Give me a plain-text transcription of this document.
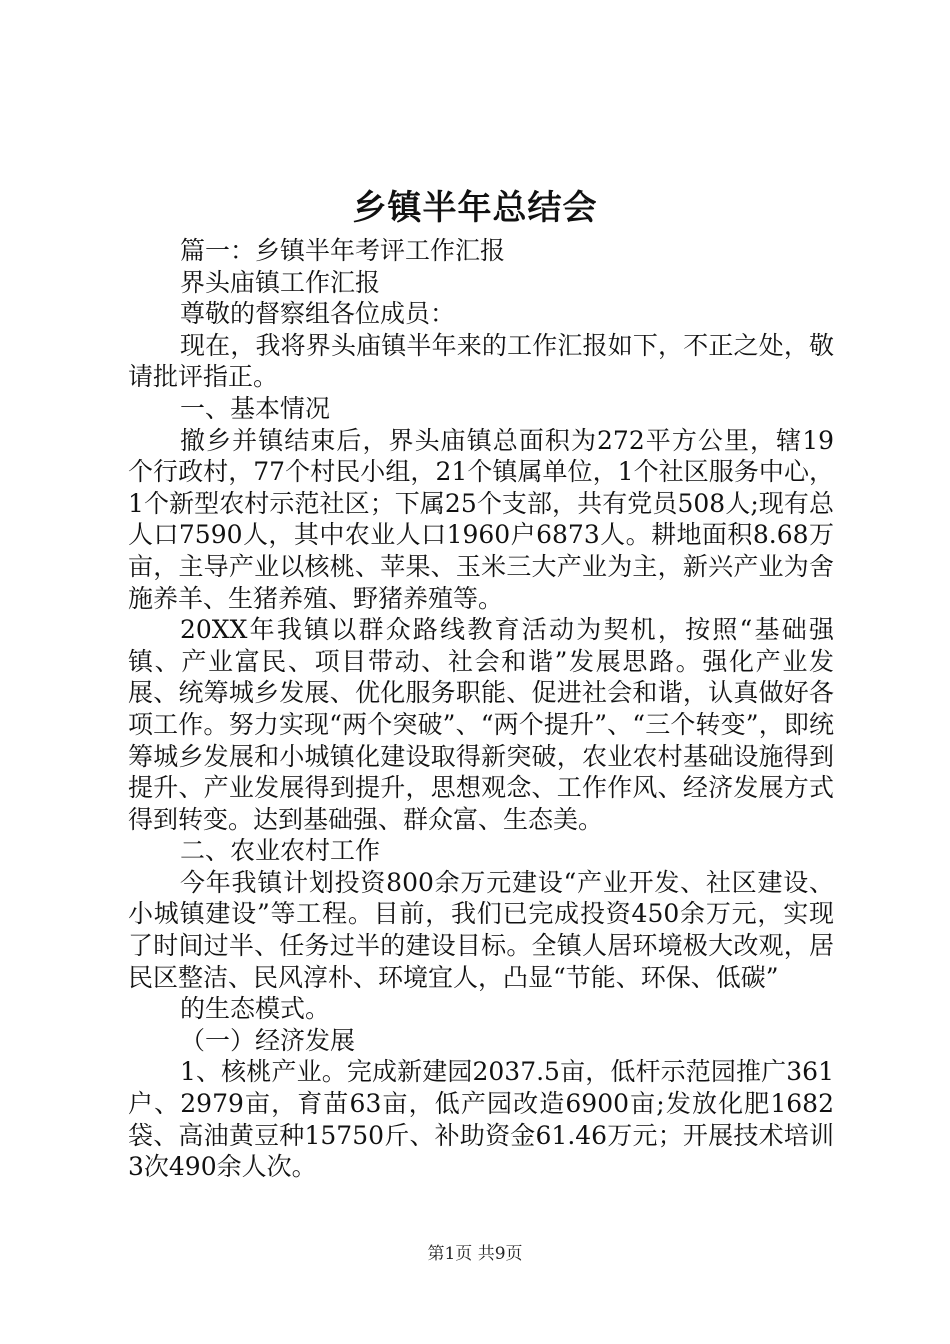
乡镇半年总结会

篇一：乡镇半年考评工作汇报

界头庙镇工作汇报

尊敬的督察组各位成员：

现在，我将界头庙镇半年来的工作汇报如下，不正之处，敬请批评指正。

一、基本情况

撤乡并镇结束后，界头庙镇总面积为272平方公里，辖19个行政村，77个村民小组，21个镇属单位，1个社区服务中心，1个新型农村示范社区；下属25个支部，共有党员508人;现有总人口7590人，其中农业人口1960户6873人。耕地面积8.68万亩，主导产业以核桃、苹果、玉米三大产业为主，新兴产业为舍施养羊、生猪养殖、野猪养殖等。

20XX年我镇以群众路线教育活动为契机，按照“基础强镇、产业富民、项目带动、社会和谐”发展思路。强化产业发展、统筹城乡发展、优化服务职能、促进社会和谐，认真做好各项工作。努力实现“两个突破”、“两个提升”、“三个转变”，即统筹城乡发展和小城镇化建设取得新突破，农业农村基础设施得到提升、产业发展得到提升，思想观念、工作作风、经济发展方式得到转变。达到基础强、群众富、生态美。

二、农业农村工作

今年我镇计划投资800余万元建设“产业开发、社区建设、小城镇建设”等工程。目前，我们已完成投资450余万元，实现了时间过半、任务过半的建设目标。全镇人居环境极大改观，居民区整洁、民风淳朴、环境宜人，凸显“节能、环保、低碳”

的生态模式。

（一）经济发展

1、核桃产业。完成新建园2037.5亩，低杆示范园推广361户、2979亩，育苗63亩，低产园改造6900亩;发放化肥1682袋、高油黄豆种15750斤、补助资金61.46万元；开展技术培训3次490余人次。

第1页 共9页
